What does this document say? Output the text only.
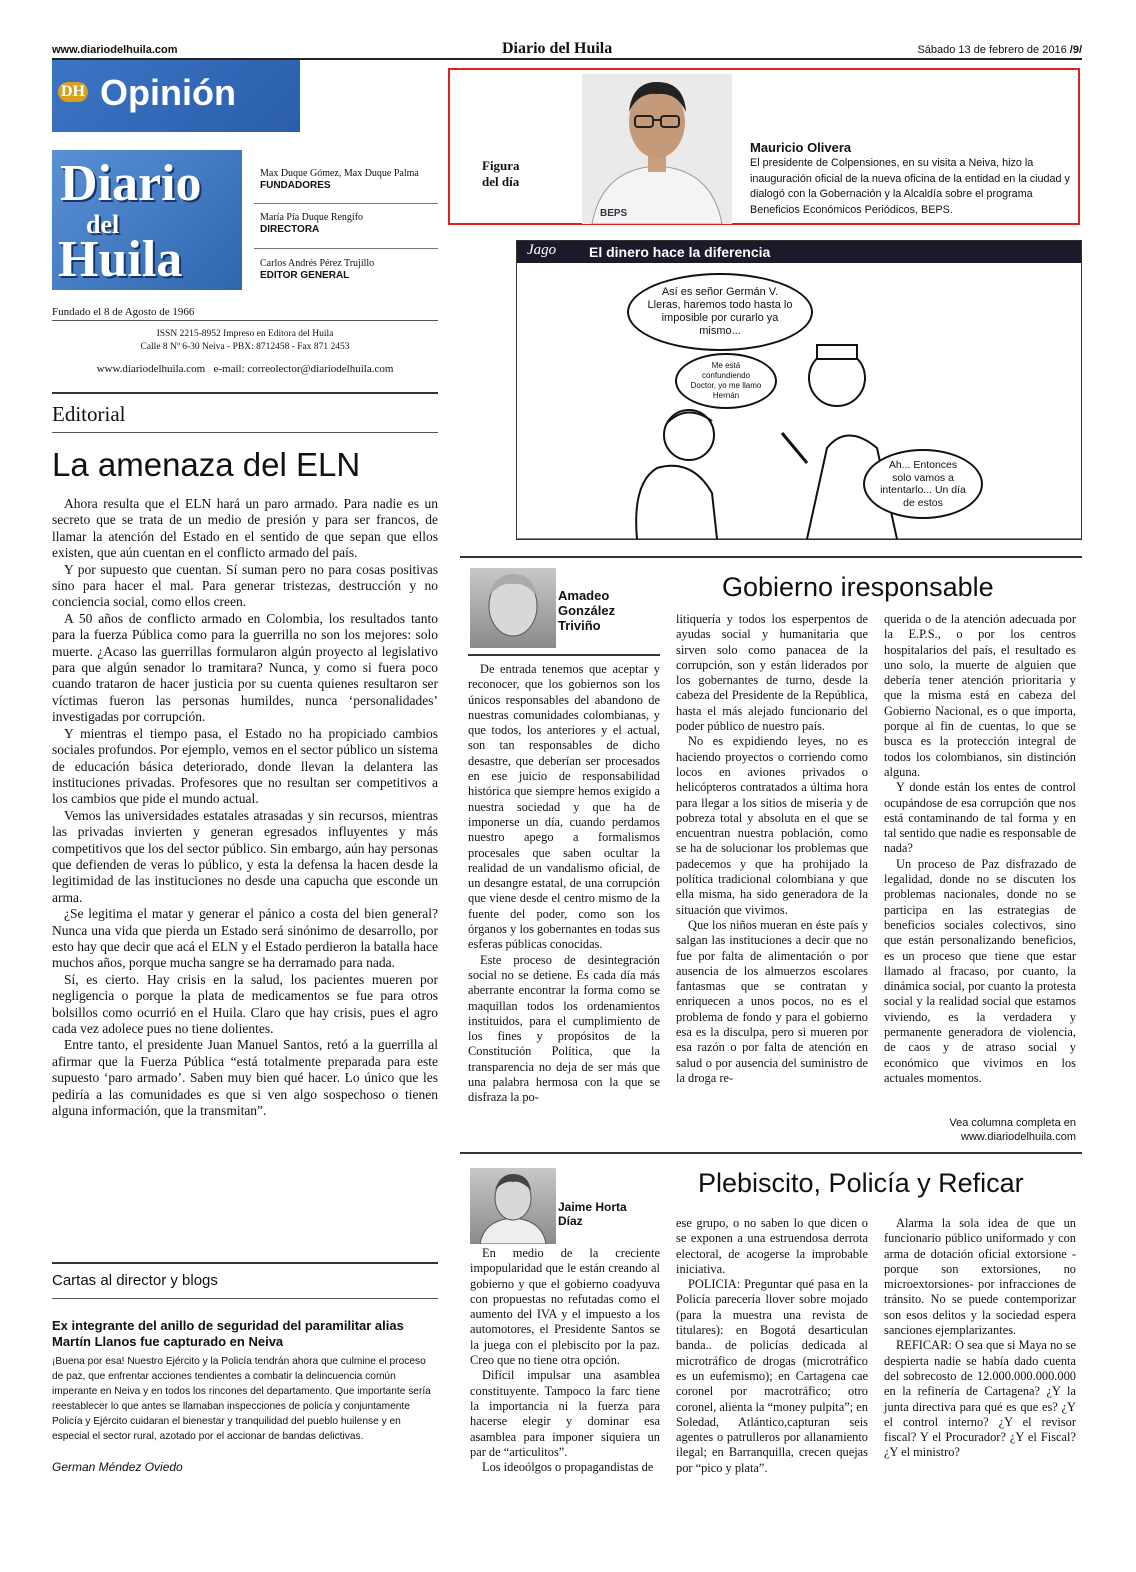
www.diariodelhuila.com	Diario del Huila	Sábado 13 de febrero de 2016 /9/
DH Opinión
Diario
del
Huila
Max Duque Gómez, Max Duque Palma
FUNDADORES
María Pía Duque Rengifo
DIRECTORA
Carlos Andrés Pérez Trujillo
EDITOR GENERAL
Fundado el 8 de Agosto de 1966
ISSN 2215-8952 Impreso en Editora del Huila
Calle 8 Nº 6-30 Neiva - PBX: 8712458 - Fax 871 2453
www.diariodelhuila.com e-mail: correolector@diariodelhuila.com
Editorial
La amenaza del ELN

Ahora resulta que el ELN hará un paro armado. Para nadie es un secreto que se trata de un medio de presión y para ser francos, de llamar la atención del Estado en el sentido de que sepan que ellos existen, que aún cuentan en el conflicto armado del país.

Y por supuesto que cuentan. Sí suman pero no para cosas positivas sino para hacer el mal. Para generar tristezas, destrucción y no conciencia social, como ellos creen.

A 50 años de conflicto armado en Colombia, los resultados tanto para la fuerza Pública como para la guerrilla no son los mejores: solo muerte. ¿Acaso las guerrillas formularon algún proyecto al legislativo para que algún senador lo tramitara? Nunca, y como si fuera poco cuando trataron de hacer justicia por su cuenta quienes resultaron ser víctimas fueron las personas humildes, nunca ‘personalidades’ investigadas por corrupción.

Y mientras el tiempo pasa, el Estado no ha propiciado cambios sociales profundos. Por ejemplo, vemos en el sector público un sistema de educación básica deteriorado, donde llevan la delantera las instituciones privadas. Profesores que no resultan ser competitivos a los cambios que pide el mundo actual.

Vemos las universidades estatales atrasadas y sin recursos, mientras las privadas invierten y generan egresados influyentes y más competitivos que los del sector público. Sin embargo, aún hay personas que defienden de veras lo público, y esta la defensa la hacen desde la legitimidad de las instituciones no desde una capucha que esconde un arma.

¿Se legitima el matar y generar el pánico a costa del bien general? Nunca una vida que pierda un Estado será sinónimo de desarrollo, por esto hay que decir que acá el ELN y el Estado perdieron la batalla hace muchos años, porque mucha sangre se ha derramado para nada.

Sí, es cierto. Hay crisis en la salud, los pacientes mueren por negligencia o porque la plata de medicamentos se fue para otros bolsillos como ocurrió en el Huila. Claro que hay crisis, pues el agro cada vez adolece pues no tiene dolientes.

Entre tanto, el presidente Juan Manuel Santos, retó a la guerrilla al afirmar que la Fuerza Pública “está totalmente preparada para este supuesto ‘paro armado’. Saben muy bien qué hacer. Lo único que les pediría a las comunidades es que si ven algo sospechoso o tienen alguna información, que la transmitan”.

Cartas al director y blogs
Ex integrante del anillo de seguridad del paramilitar alias Martín Llanos fue capturado en Neiva
¡Buena por esa! Nuestro Ejército y la Policía tendrán ahora que culmine el proceso de paz, que enfrentar acciones tendientes a combatir la delincuencia común imperante en Neiva y en todos los rincones del departamento. Que importante sería reestablecer lo que antes se llamaban inspecciones de policía y conjuntamente Policía y Ejército cuidaran el bienestar y tranquilidad del pueblo huilense y en especial el sector rural, azotado por el accionar de bandas delictivas.
German Méndez Oviedo
Figura
del día
BEPS
Mauricio Olivera
El presidente de Colpensiones, en su visita a Neiva, hizo la inauguración oficial de la nueva oficina de la entidad en la ciudad y dialogó con la Gobernación y la Alcaldía sobre el programa Beneficios Económicos Periódicos, BEPS.
Jago El dinero hace la diferencia
Así es señor Germán V. Lleras, haremos todo hasta lo imposible por curarlo ya mismo...
Me está confundiendo Doctor, yo me llamo Hernán
Ah... Entonces solo vamos a intentarlo... Un día de estos
Amadeo González Triviño
Gobierno iresponsable

De entrada tenemos que aceptar y reconocer, que los gobiernos son los únicos responsables del abandono de nuestras comunidades colombianas, y que todos, los anteriores y el actual, son tan responsables de dicho desastre, que deberían ser procesados en ese juicio de responsabilidad histórica que siempre hemos exigido a nuestra sociedad y que ha de imponerse un día, cuando perdamos nuestro apego a formalismos procesales que saben ocultar la realidad de un vandalismo oficial, de un desangre estatal, de una corrupción que viene desde el centro mismo de la fuente del poder, como son los órganos y los gobernantes en todas sus esferas públicas conocidas.

Este proceso de desintegración social no se detiene. Es cada día más aberrante encontrar la forma como se maquillan todos los ordenamientos instituidos, para el cumplimiento de los fines y propósitos de la Constitución Política, que la transparencia no deja de ser más que una palabra hermosa con la que se disfraza la po-

litiquería y todos los esperpentos de ayudas social y humanitaria que sirven solo como panacea de la corrupción, son y están liderados por los gobernantes de turno, desde la cabeza del Presidente de la República, hasta el más alejado funcionario del poder público de nuestro país.

No es expidiendo leyes, no es haciendo proyectos o corriendo como locos en aviones privados o helicópteros contratados a última hora para llegar a los sitios de miseria y de pobreza total y absoluta en el que se encuentran nuestra población, como se ha de solucionar los problemas que padecemos y que ha prohijado la política tradicional colombiana y que ella misma, ha sido generadora de la situación que vivimos.

Que los niños mueran en éste país y salgan las instituciones a decir que no fue por falta de alimentación o por ausencia de los almuerzos escolares fantasmas que se contratan y enriquecen a unos pocos, no es el problema de fondo y para el gobierno esa es la disculpa, pero si mueren por esa razón o por falta de atención en salud o por ausencia del suministro de la droga re-

querida o de la atención adecuada por la E.P.S., o por los centros hospitalarios del país, el resultado es uno solo, la muerte de alguien que debería tener atención prioritaria y que la misma está en cabeza del Gobierno Nacional, es o que importa, porque al fin de cuentas, lo que se busca es la protección integral de todos los colombianos, sin distinción alguna.

Y donde están los entes de control ocupándose de esa corrupción que nos está contaminando de tal forma y en tal sentido que nadie es responsable de nada?

Un proceso de Paz disfrazado de legalidad, donde no se discuten los problemas nacionales, donde no se participa en las estrategias de beneficios sociales colectivos, sino que están personalizando beneficios, es un proceso que tiene que estar llamado al fracaso, por cuanto, la dinámica social, por cuanto la protesta social y la realidad social que estamos viviendo, es la verdadera y permanente generadora de violencia, de caos y de atraso social y económico que vivimos en los actuales momentos.

Vea columna completa en
www.diariodelhuila.com
Jaime Horta Díaz
Plebiscito, Policía y Reficar

En medio de la creciente impopularidad que le están creando al gobierno y que el gobierno coadyuva con propuestas no refutadas como el aumento del IVA y el impuesto a los automotores, el Presidente Santos se la juega con el plebiscito por la paz. Creo que no tiene otra opción.

Difícil impulsar una asamblea constituyente. Tampoco la farc tiene la importancia ni la fuerza para hacerse elegir y dominar esa asamblea para imponer siquiera un par de “articulitos”.

Los ideoólgos o propagandistas de

ese grupo, o no saben lo que dicen o se exponen a una estruendosa derrota electoral, de acogerse la improbable iniciativa.

POLICIA: Preguntar qué pasa en la Policía parecería llover sobre mojado (para la muestra una revista de titulares): en Bogotá desarticulan banda.. de policías dedicada al microtráfico de drogas (microtráfico es un eufemismo); en Cartagena cae coronel por macrotráfico; otro coronel, alienta la “money pulpita”; en Soledad, Atlántico,capturan seis agentes o patrulleros por allanamiento ilegal; en Barranquilla, crecen quejas por “pico y plata”.

Alarma la sola idea de que un funcionario público uniformado y con arma de dotación oficial extorsione - porque son extorsiones, no microextorsiones- por infracciones de tránsito. No se puede contemporizar son esos delitos y la sociedad espera sanciones ejemplarizantes.

REFICAR: O sea que si Maya no se despierta nadie se había dado cuenta del sobrecosto de 12.000.000.000.000 en la refinería de Cartagena? ¿Y la junta directiva para qué es que es? ¿Y el control interno? ¿Y el revisor fiscal? Y el Procurador? ¿Y el Fiscal? ¿Y el ministro?
